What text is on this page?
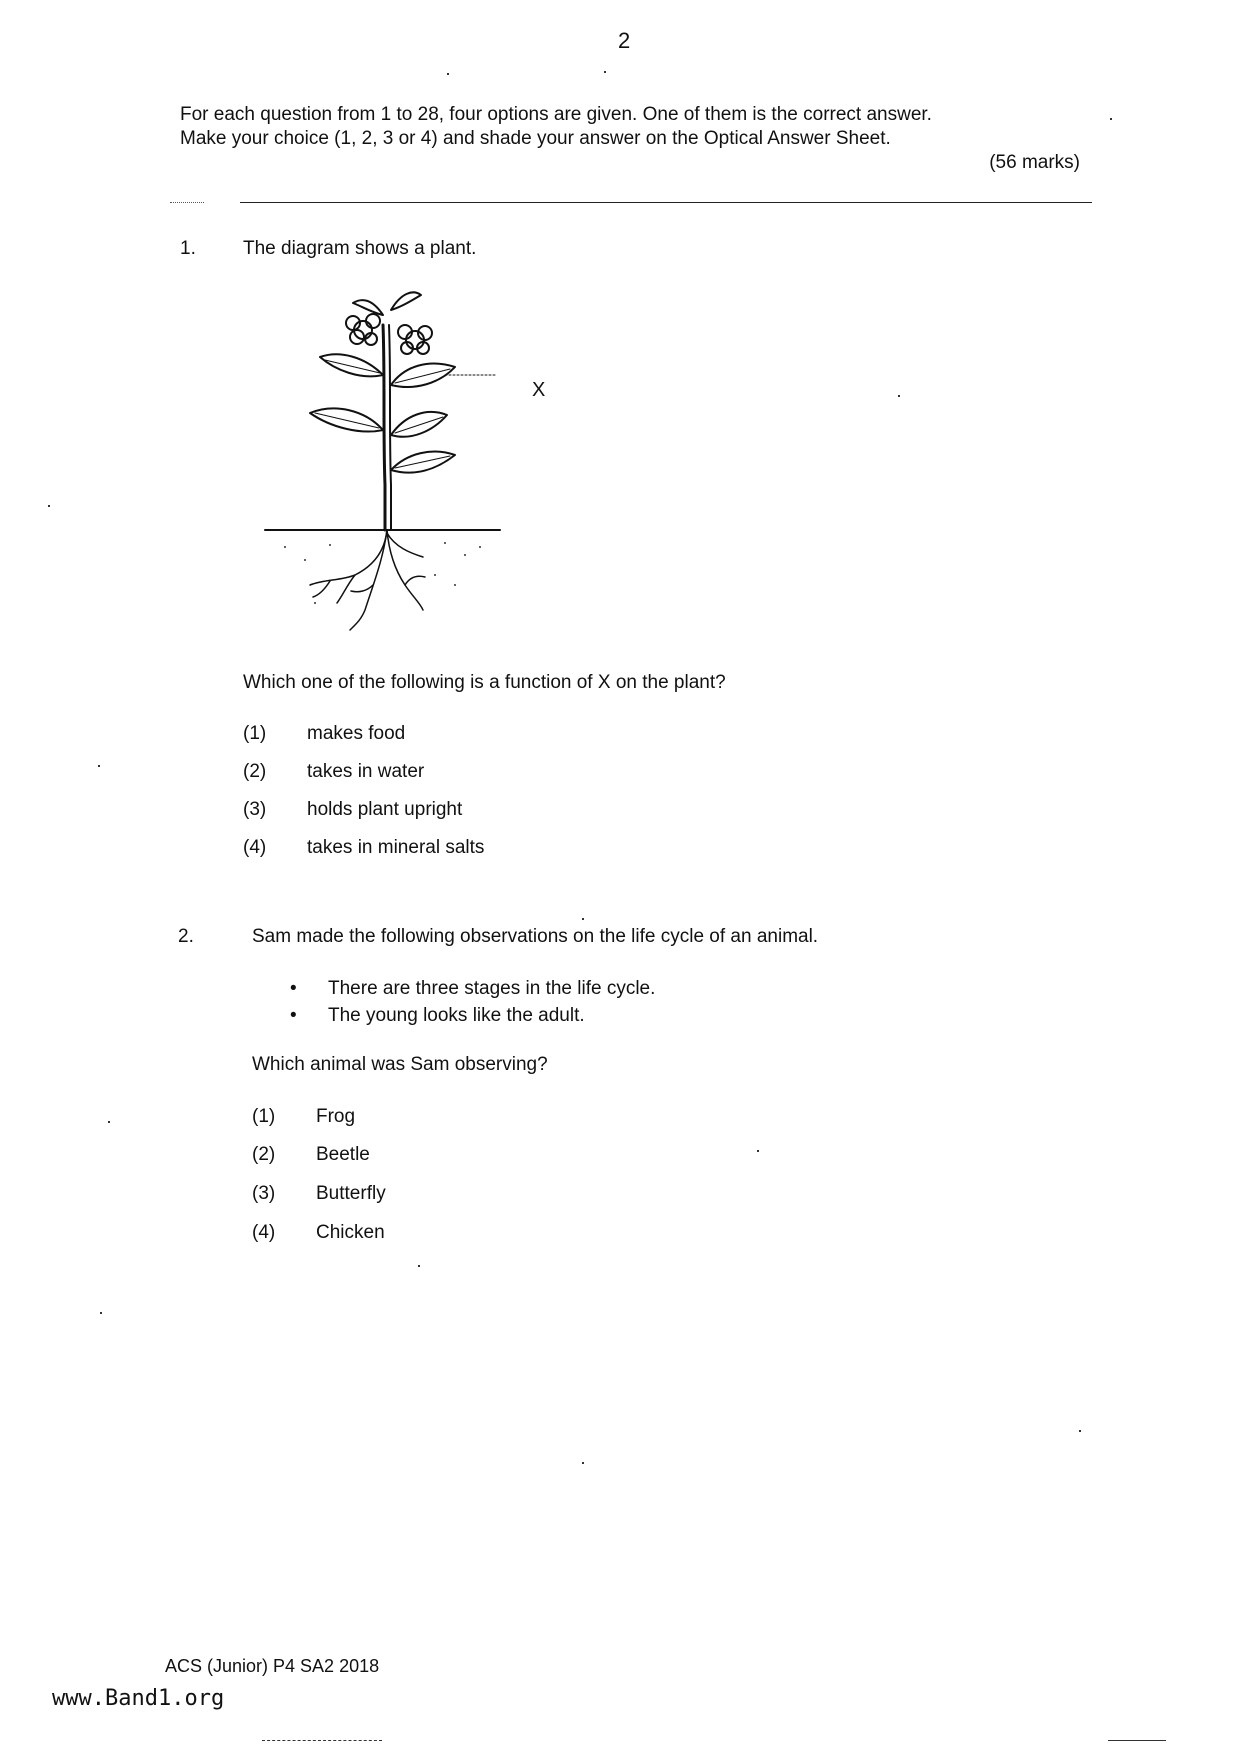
2
For each question from 1 to 28, four options are given. One of them is the correct answer.
Make your choice (1, 2, 3 or 4) and shade your answer on the Optical Answer Sheet.
(56 marks)
1. The diagram shows a plant.
X
Which one of the following is a function of X on the plant?
(1) makes food
(2) takes in water
(3) holds plant upright
(4) takes in mineral salts
2.	Sam made the following observations on the life cycle of an animal.
• There are three stages in the life cycle.
• The young looks like the adult.
Which animal was Sam observing?
(1) Frog
(2) Beetle
(3) Butterfly
(4) Chicken
ACS (Junior) P4 SA2 2018
www.Band1.org
